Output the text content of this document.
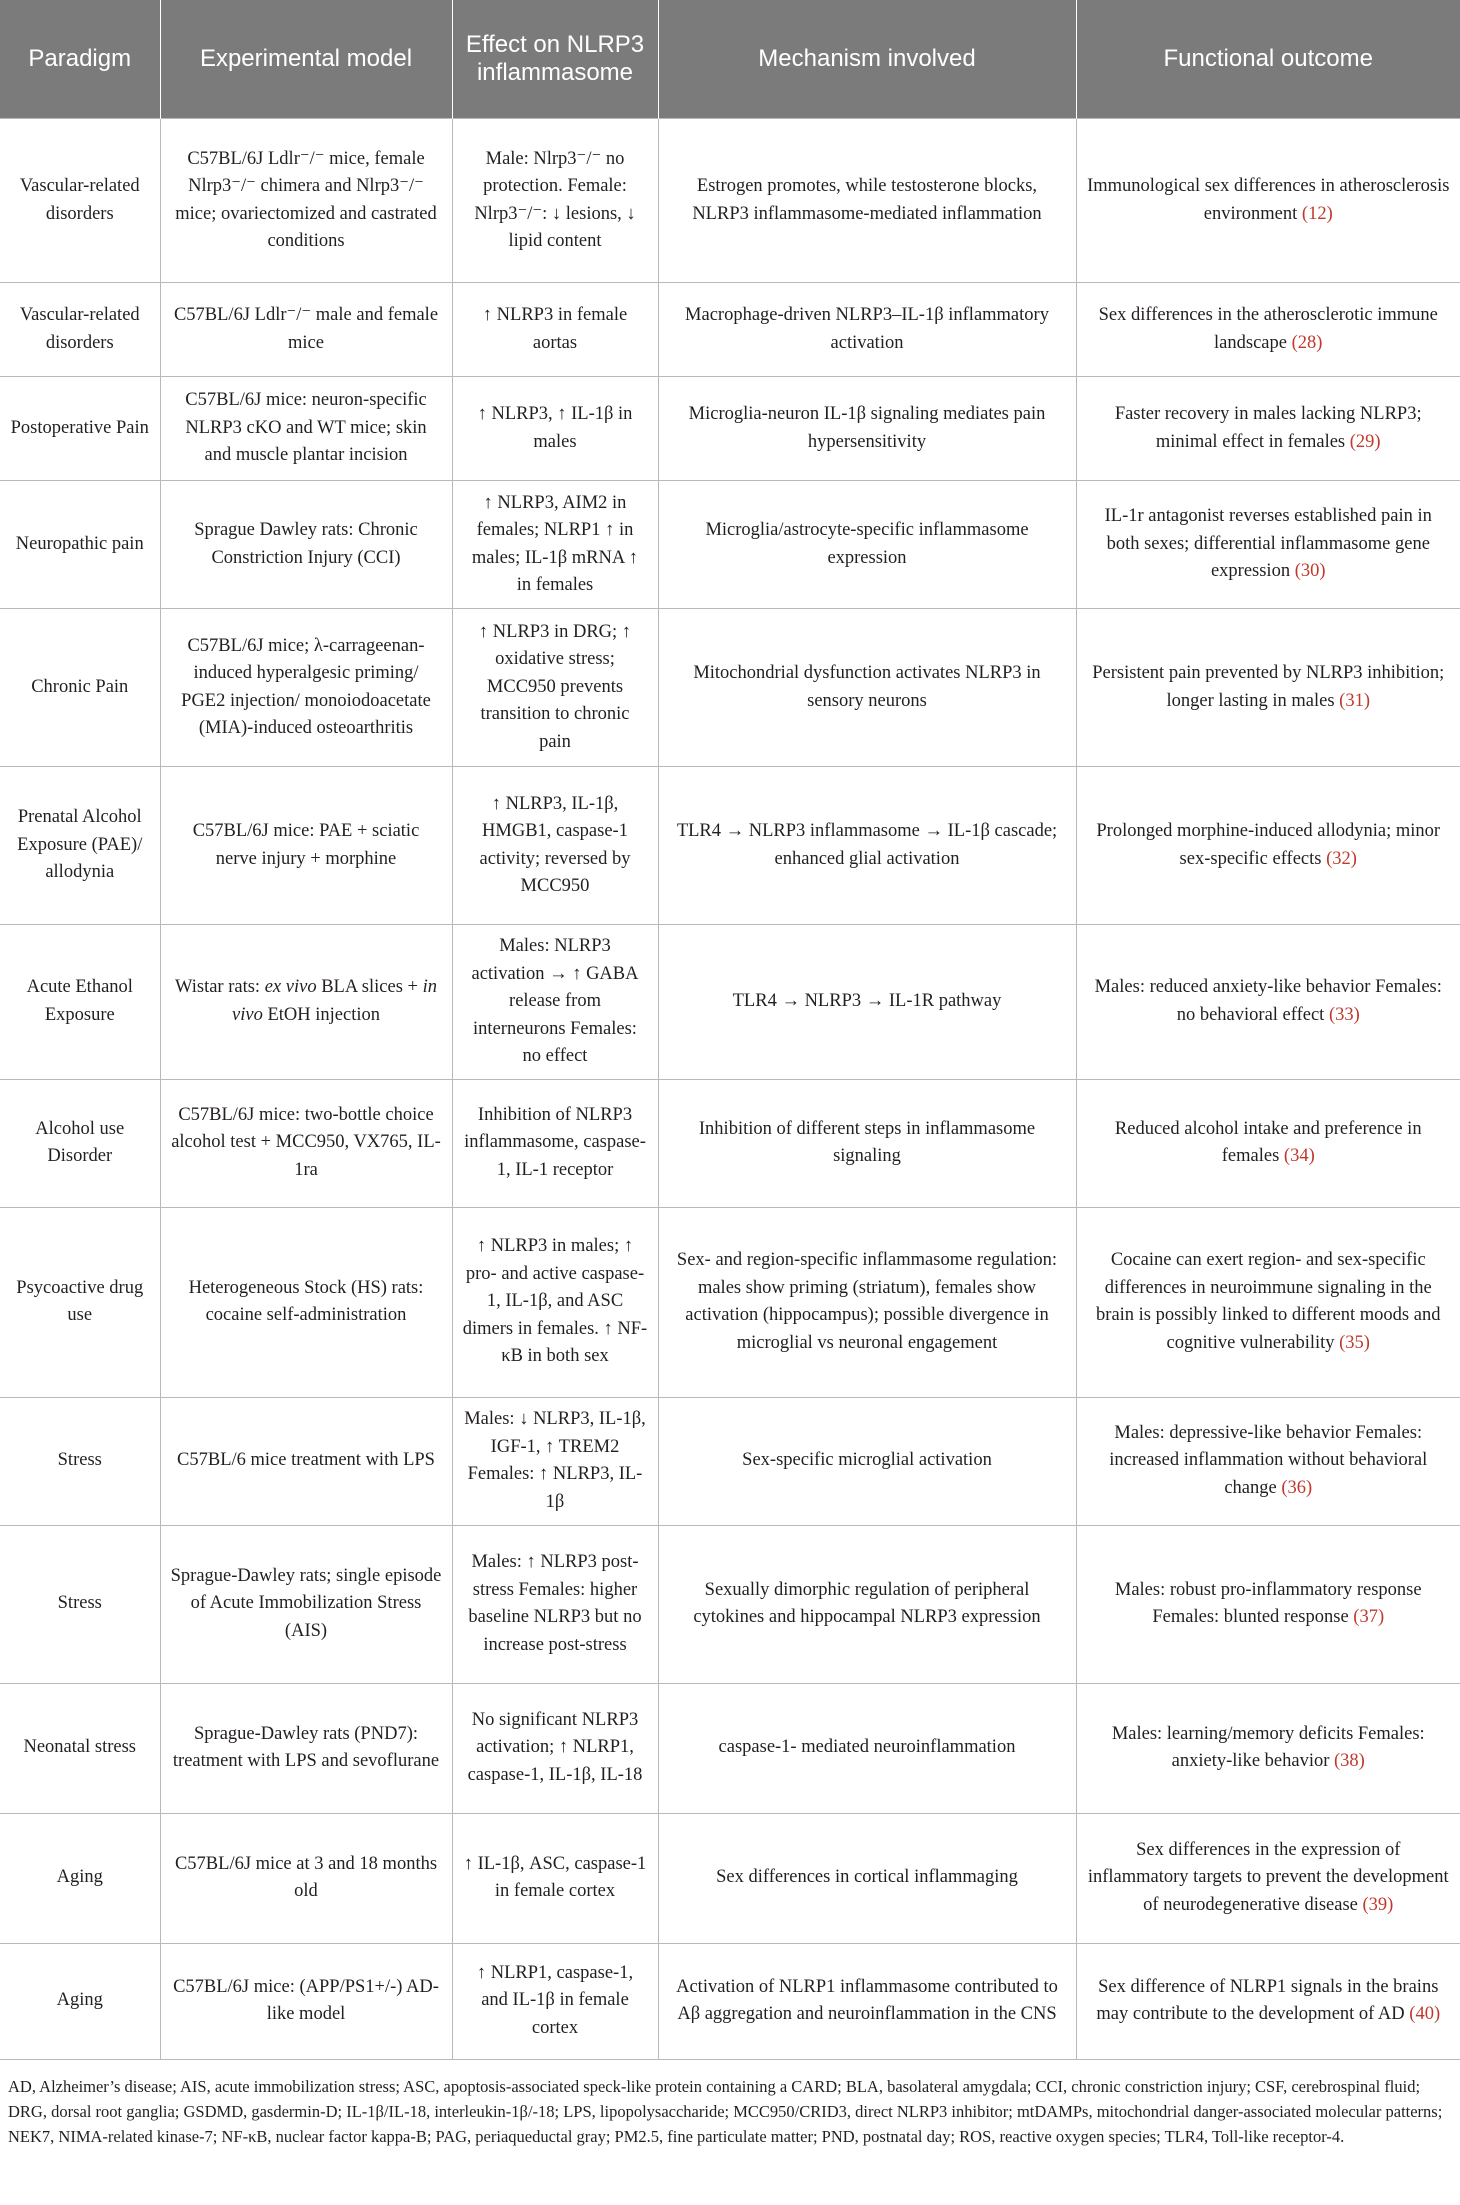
Paradigm	Experimental model	Effect on NLRP3 inflammasome	Mechanism involved	Functional outcome
Vascular-related disorders	C57BL/6J Ldlr⁻/⁻ mice, female Nlrp3⁻/⁻ chimera and Nlrp3⁻/⁻ mice; ovariectomized and castrated conditions	Male: Nlrp3⁻/⁻ no protection. Female: Nlrp3⁻/⁻: ↓ lesions, ↓ lipid content	Estrogen promotes, while testosterone blocks, NLRP3 inflammasome-mediated inflammation	Immunological sex differences in atherosclerosis environment (12)
Vascular-related disorders	C57BL/6J Ldlr⁻/⁻ male and female mice	↑ NLRP3 in female aortas	Macrophage-driven NLRP3–IL-1β inflammatory activation	Sex differences in the atherosclerotic immune landscape (28)
Postoperative Pain	C57BL/6J mice: neuron-specific NLRP3 cKO and WT mice; skin and muscle plantar incision	↑ NLRP3, ↑ IL-1β in males	Microglia-neuron IL-1β signaling mediates pain hypersensitivity	Faster recovery in males lacking NLRP3; minimal effect in females (29)
Neuropathic pain	Sprague Dawley rats: Chronic Constriction Injury (CCI)	↑ NLRP3, AIM2 in females; NLRP1 ↑ in males; IL-1β mRNA ↑ in females	Microglia/astrocyte-specific inflammasome expression	IL-1r antagonist reverses established pain in both sexes; differential inflammasome gene expression (30)
Chronic Pain	C57BL/6J mice; λ-carrageenan-induced hyperalgesic priming/ PGE2 injection/ monoiodoacetate (MIA)-induced osteoarthritis	↑ NLRP3 in DRG; ↑ oxidative stress; MCC950 prevents transition to chronic pain	Mitochondrial dysfunction activates NLRP3 in sensory neurons	Persistent pain prevented by NLRP3 inhibition; longer lasting in males (31)
Prenatal Alcohol Exposure (PAE)/ allodynia	C57BL/6J mice: PAE + sciatic nerve injury + morphine	↑ NLRP3, IL-1β, HMGB1, caspase-1 activity; reversed by MCC950	TLR4 → NLRP3 inflammasome → IL-1β cascade; enhanced glial activation	Prolonged morphine-induced allodynia; minor sex-specific effects (32)
Acute Ethanol Exposure	Wistar rats: ex vivo BLA slices + in vivo EtOH injection	Males: NLRP3 activation → ↑ GABA release from interneurons Females: no effect	TLR4 → NLRP3 → IL-1R pathway	Males: reduced anxiety-like behavior Females: no behavioral effect (33)
Alcohol use Disorder	C57BL/6J mice: two-bottle choice alcohol test + MCC950, VX765, IL-1ra	Inhibition of NLRP3 inflammasome, caspase-1, IL-1 receptor	Inhibition of different steps in inflammasome signaling	Reduced alcohol intake and preference in females (34)
Psycoactive drug use	Heterogeneous Stock (HS) rats: cocaine self-administration	↑ NLRP3 in males; ↑ pro- and active caspase-1, IL-1β, and ASC dimers in females. ↑ NF-κB in both sex	Sex- and region-specific inflammasome regulation: males show priming (striatum), females show activation (hippocampus); possible divergence in microglial vs neuronal engagement	Cocaine can exert region- and sex-specific differences in neuroimmune signaling in the brain is possibly linked to different moods and cognitive vulnerability (35)
Stress	C57BL/6 mice treatment with LPS	Males: ↓ NLRP3, IL-1β, IGF-1, ↑ TREM2 Females: ↑ NLRP3, IL-1β	Sex-specific microglial activation	Males: depressive-like behavior Females: increased inflammation without behavioral change (36)
Stress	Sprague-Dawley rats; single episode of Acute Immobilization Stress (AIS)	Males: ↑ NLRP3 post-stress Females: higher baseline NLRP3 but no increase post-stress	Sexually dimorphic regulation of peripheral cytokines and hippocampal NLRP3 expression	Males: robust pro-inflammatory response Females: blunted response (37)
Neonatal stress	Sprague-Dawley rats (PND7): treatment with LPS and sevoflurane	No significant NLRP3 activation; ↑ NLRP1, caspase-1, IL-1β, IL-18	caspase-1- mediated neuroinflammation	Males: learning/memory deficits Females: anxiety-like behavior (38)
Aging	C57BL/6J mice at 3 and 18 months old	↑ IL-1β, ASC, caspase-1 in female cortex	Sex differences in cortical inflammaging	Sex differences in the expression of inflammatory targets to prevent the development of neurodegenerative disease (39)
Aging	C57BL/6J mice: (APP/PS1+/-) AD-like model	↑ NLRP1, caspase-1, and IL-1β in female cortex	Activation of NLRP1 inflammasome contributed to Aβ aggregation and neuroinflammation in the CNS	Sex difference of NLRP1 signals in the brains may contribute to the development of AD (40)
AD, Alzheimer’s disease; AIS, acute immobilization stress; ASC, apoptosis-associated speck-like protein containing a CARD; BLA, basolateral amygdala; CCI, chronic constriction injury; CSF, cerebrospinal fluid; DRG, dorsal root ganglia; GSDMD, gasdermin-D; IL-1β/IL-18, interleukin-1β/-18; LPS, lipopolysaccharide; MCC950/CRID3, direct NLRP3 inhibitor; mtDAMPs, mitochondrial danger-associated molecular patterns; NEK7, NIMA-related kinase-7; NF-κB, nuclear factor kappa-B; PAG, periaqueductal gray; PM2.5, fine particulate matter; PND, postnatal day; ROS, reactive oxygen species; TLR4, Toll-like receptor-4.
